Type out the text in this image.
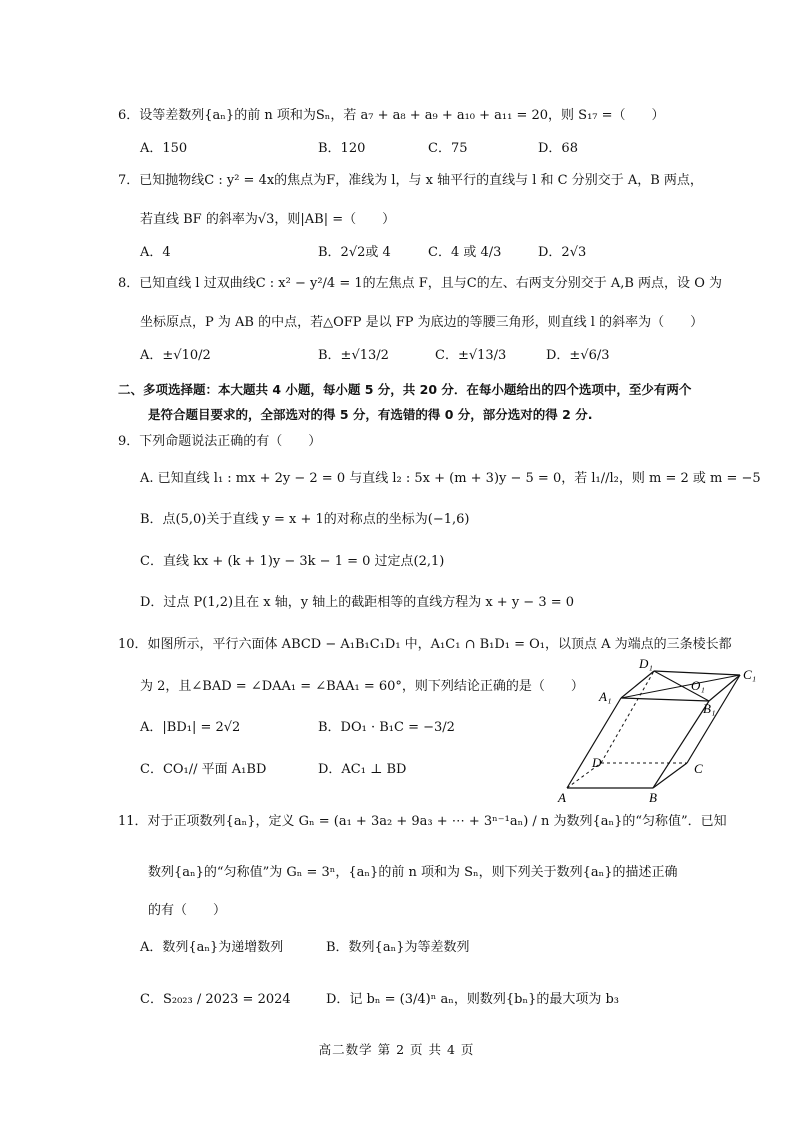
6．设等差数列{aₙ}的前 n 项和为Sₙ，若 a₇ + a₈ + a₉ + a₁₀ + a₁₁ = 20，则 S₁₇ =（　　）
A．150	B．120	C．75	D．68
7．已知抛物线C : y² = 4x的焦点为F，准线为 l，与 x 轴平行的直线与 l 和 C 分别交于 A，B 两点，
若直线 BF 的斜率为√3，则|AB| =（　　）
A．4	B．2√2或 4	C．4 或 4/3	D．2√3
8．已知直线 l 过双曲线C : x² − y²/4 = 1的左焦点 F，且与C的左、右两支分别交于 A,B 两点，设 O 为
坐标原点，P 为 AB 的中点，若△OFP 是以 FP 为底边的等腰三角形，则直线 l 的斜率为（　　）
A．±√10/2	B．±√13/2	C．±√13/3	D．±√6/3
二、多项选择题：本大题共 4 小题，每小题 5 分，共 20 分．在每小题给出的四个选项中，至少有两个
是符合题目要求的，全部选对的得 5 分，有选错的得 0 分，部分选对的得 2 分.
9．下列命题说法正确的有（　　）
A. 已知直线 l₁ : mx + 2y − 2 = 0 与直线 l₂ : 5x + (m + 3)y − 5 = 0，若 l₁//l₂，则 m = 2 或 m = −5
B．点(5,0)关于直线 y = x + 1的对称点的坐标为(−1,6)
C．直线 kx + (k + 1)y − 3k − 1 = 0 过定点(2,1)
D．过点 P(1,2)且在 x 轴，y 轴上的截距相等的直线方程为 x + y − 3 = 0
10．如图所示，平行六面体 ABCD − A₁B₁C₁D₁ 中，A₁C₁ ∩ B₁D₁ = O₁，以顶点 A 为端点的三条棱长都
为 2，且∠BAD = ∠DAA₁ = ∠BAA₁ = 60°，则下列结论正确的是（　　）
A．|BD₁| = 2√2	B．DO₁ · B₁C = −3/2
C．CO₁// 平面 A₁BD	D．AC₁ ⊥ BD
D₁
C₁
A₁
O₁
B₁
D	C
A	B
11．对于正项数列{aₙ}，定义 Gₙ = (a₁ + 3a₂ + 9a₃ + ⋯ + 3ⁿ⁻¹aₙ) / n 为数列{aₙ}的“匀称值”．已知
数列{aₙ}的“匀称值”为 Gₙ = 3ⁿ，{aₙ}的前 n 项和为 Sₙ，则下列关于数列{aₙ}的描述正确
的有（　　）
A．数列{aₙ}为递增数列	B．数列{aₙ}为等差数列
C．S₂₀₂₃ / 2023 = 2024	D．记 bₙ = (3/4)ⁿ aₙ，则数列{bₙ}的最大项为 b₃
高二数学 第 2 页 共 4 页
